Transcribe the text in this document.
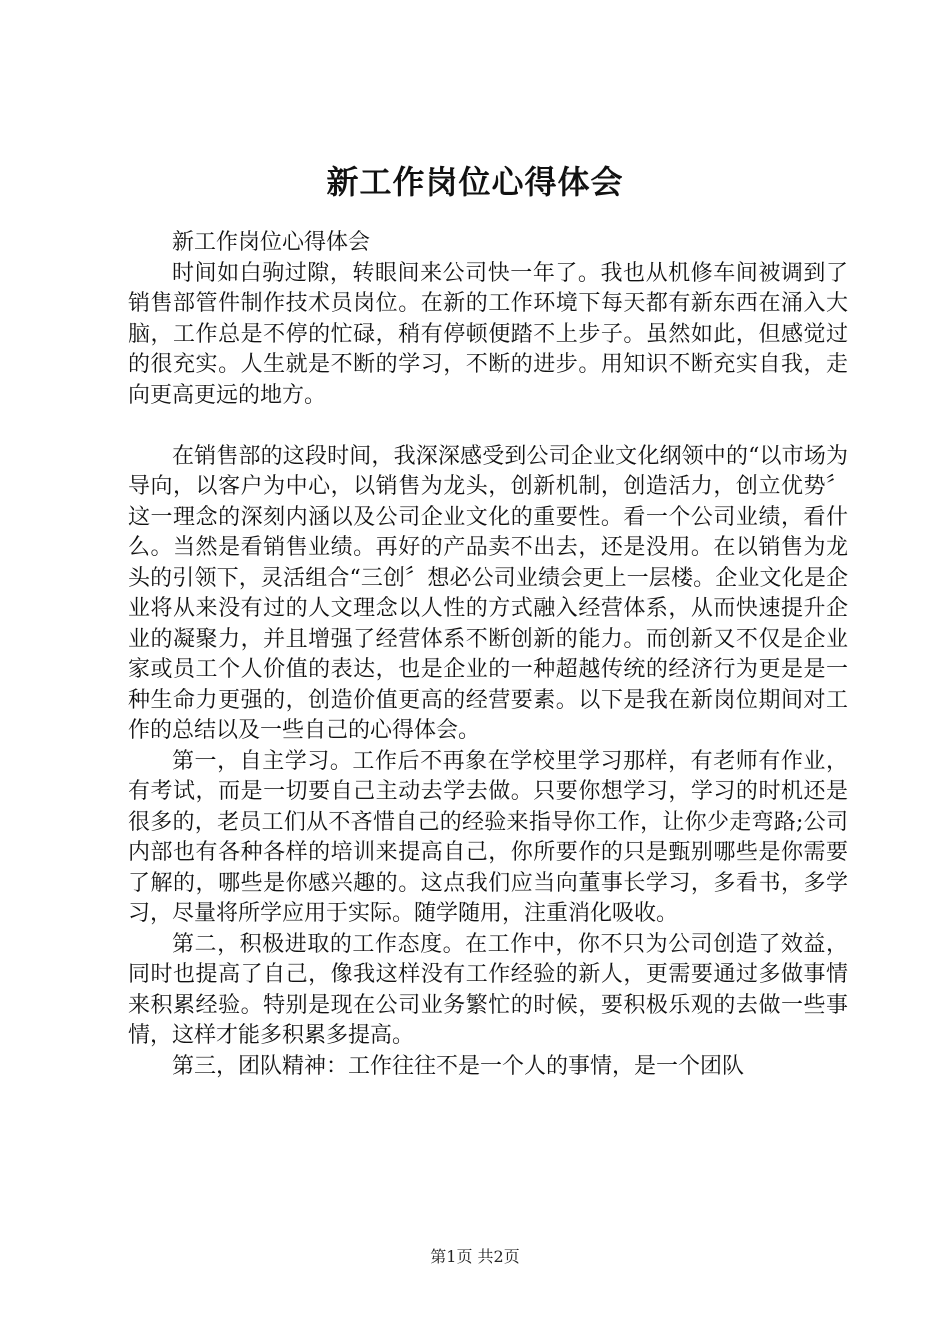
新工作岗位心得体会

新工作岗位心得体会

时间如白驹过隙，转眼间来公司快一年了。我也从机修车间被调到了销售部管件制作技术员岗位。在新的工作环境下每天都有新东西在涌入大脑，工作总是不停的忙碌，稍有停顿便踏不上步子。虽然如此，但感觉过的很充实。人生就是不断的学习，不断的进步。用知识不断充实自我，走向更高更远的地方。

在销售部的这段时间，我深深感受到公司企业文化纲领中的“以市场为导向，以客户为中心，以销售为龙头，创新机制，创造活力，创立优势〞这一理念的深刻内涵以及公司企业文化的重要性。看一个公司业绩，看什么。当然是看销售业绩。再好的产品卖不出去，还是没用。在以销售为龙头的引领下，灵活组合“三创〞想必公司业绩会更上一层楼。企业文化是企业将从来没有过的人文理念以人性的方式融入经营体系，从而快速提升企业的凝聚力，并且增强了经营体系不断创新的能力。而创新又不仅是企业家或员工个人价值的表达，也是企业的一种超越传统的经济行为更是是一种生命力更强的，创造价值更高的经营要素。以下是我在新岗位期间对工作的总结以及一些自己的心得体会。

第一，自主学习。工作后不再象在学校里学习那样，有老师有作业，有考试，而是一切要自己主动去学去做。只要你想学习，学习的时机还是很多的，老员工们从不吝惜自己的经验来指导你工作，让你少走弯路;公司内部也有各种各样的培训来提高自己，你所要作的只是甄别哪些是你需要了解的，哪些是你感兴趣的。这点我们应当向董事长学习，多看书，多学习，尽量将所学应用于实际。随学随用，注重消化吸收。

第二，积极进取的工作态度。在工作中，你不只为公司创造了效益，同时也提高了自己，像我这样没有工作经验的新人，更需要通过多做事情来积累经验。特别是现在公司业务繁忙的时候，要积极乐观的去做一些事情，这样才能多积累多提高。

第三，团队精神：工作往往不是一个人的事情，是一个团队

第1页 共2页
